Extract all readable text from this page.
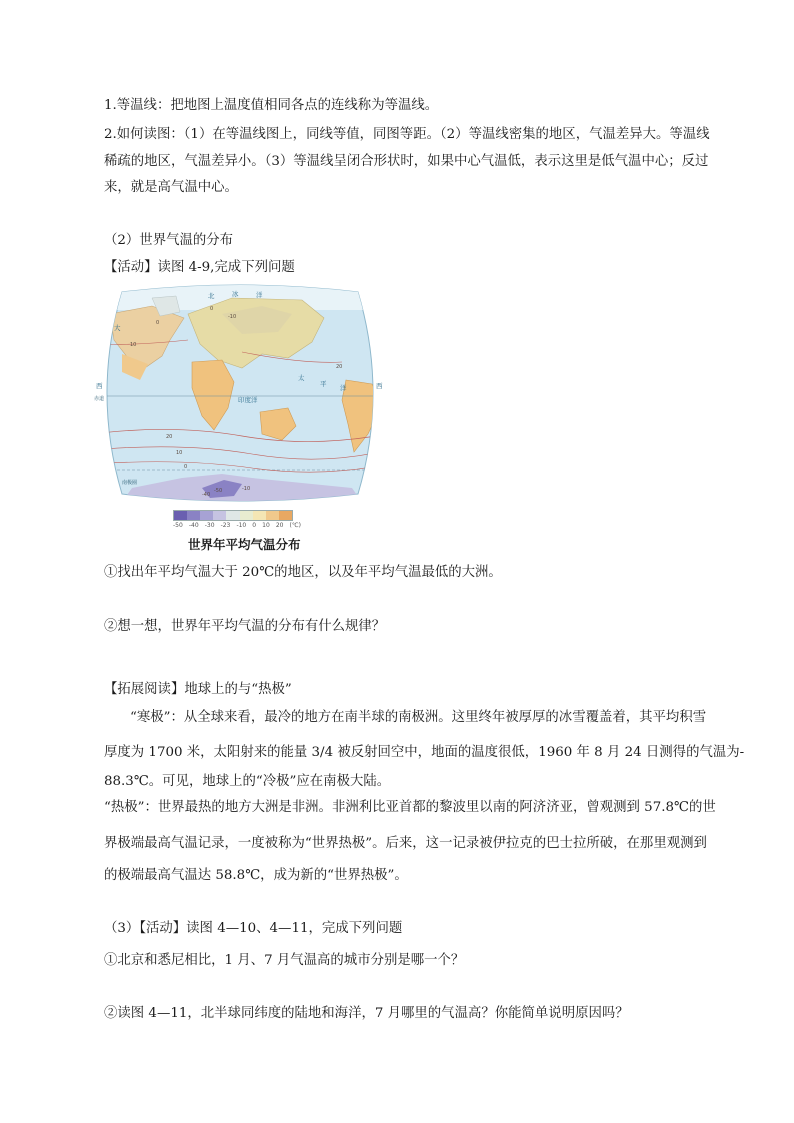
1.等温线：把地图上温度值相同各点的连线称为等温线。
2.如何读图：（1）在等温线图上，同线等值，同图等距。（2）等温线密集的地区，气温差异大。等温线
稀疏的地区，气温差异小。（3）等温线呈闭合形状时，如果中心气温低，表示这里是低气温中心；反过
来，就是高气温中心。
（2）世界气温的分布
【活动】读图 4-9,完成下列问题
北	冰	洋
大
太
平 洋
印度洋
西	西
赤道
南极圈
0
-10
0
20
10
0
-10
-50
-40
20
10
-50 -40 -30 -23 -10 0 10 20 (℃)
世界年平均气温分布
①找出年平均气温大于 20℃的地区，以及年平均气温最低的大洲。
②想一想，世界年平均气温的分布有什么规律？
【拓展阅读】地球上的与“热极”
“寒极”：从全球来看，最冷的地方在南半球的南极洲。这里终年被厚厚的冰雪覆盖着，其平均积雪
厚度为 1700 米，太阳射来的能量 3/4 被反射回空中，地面的温度很低，1960 年 8 月 24 日测得的气温为-
88.3℃。可见，地球上的“冷极”应在南极大陆。
“热极”：世界最热的地方大洲是非洲。非洲利比亚首都的黎波里以南的阿济济亚，曾观测到 57.8℃的世
界极端最高气温记录，一度被称为“世界热极”。后来，这一记录被伊拉克的巴士拉所破，在那里观测到
的极端最高气温达 58.8℃，成为新的“世界热极”。
（3）【活动】读图 4—10、4—11，完成下列问题
①北京和悉尼相比，1 月、7 月气温高的城市分别是哪一个？
②读图 4—11，北半球同纬度的陆地和海洋，7 月哪里的气温高？你能简单说明原因吗？
